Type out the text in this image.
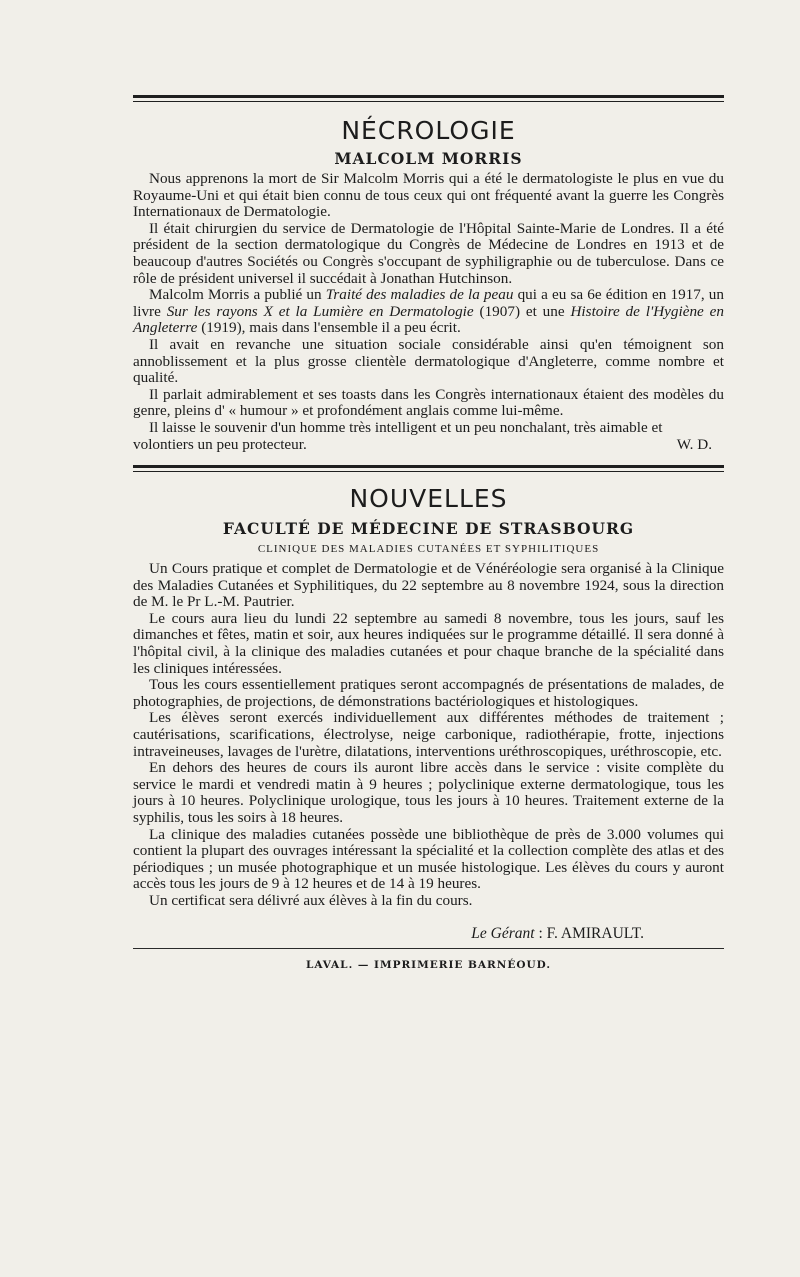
NÉCROLOGIE
MALCOLM MORRIS

Nous apprenons la mort de Sir Malcolm Morris qui a été le dermatologiste le plus en vue du Royaume-Uni et qui était bien connu de tous ceux qui ont fréquenté avant la guerre les Congrès Internationaux de Dermatologie.

Il était chirurgien du service de Dermatologie de l'Hôpital Sainte-Marie de Londres. Il a été président de la section dermatologique du Congrès de Médecine de Londres en 1913 et de beaucoup d'autres Sociétés ou Congrès s'occupant de syphiligraphie ou de tuberculose. Dans ce rôle de président universel il succédait à Jonathan Hutchinson.

Malcolm Morris a publié un Traité des maladies de la peau qui a eu sa 6e édition en 1917, un livre Sur les rayons X et la Lumière en Dermatologie (1907) et une Histoire de l'Hygiène en Angleterre (1919), mais dans l'ensemble il a peu écrit.

Il avait en revanche une situation sociale considérable ainsi qu'en témoignent son annoblissement et la plus grosse clientèle dermatologique d'Angleterre, comme nombre et qualité.

Il parlait admirablement et ses toasts dans les Congrès internationaux étaient des modèles du genre, pleins d' « humour » et profondément anglais comme lui-même.

Il laisse le souvenir d'un homme très intelligent et un peu nonchalant, très aimable et volontiers un peu protecteur.	W. D.

NOUVELLES
FACULTÉ DE MÉDECINE DE STRASBOURG
CLINIQUE DES MALADIES CUTANÉES ET SYPHILITIQUES

Un Cours pratique et complet de Dermatologie et de Vénéréologie sera organisé à la Clinique des Maladies Cutanées et Syphilitiques, du 22 septembre au 8 novembre 1924, sous la direction de M. le Pr L.-M. Pautrier.

Le cours aura lieu du lundi 22 septembre au samedi 8 novembre, tous les jours, sauf les dimanches et fêtes, matin et soir, aux heures indiquées sur le programme détaillé. Il sera donné à l'hôpital civil, à la clinique des maladies cutanées et pour chaque branche de la spécialité dans les cliniques intéressées.

Tous les cours essentiellement pratiques seront accompagnés de présentations de malades, de photographies, de projections, de démonstrations bactériologiques et histologiques.

Les élèves seront exercés individuellement aux différentes méthodes de traitement ; cautérisations, scarifications, électrolyse, neige carbonique, radiothérapie, frotte, injections intraveineuses, lavages de l'urètre, dilatations, interventions uréthroscopiques, uréthroscopie, etc.

En dehors des heures de cours ils auront libre accès dans le service : visite complète du service le mardi et vendredi matin à 9 heures ; polyclinique externe dermatologique, tous les jours à 10 heures. Polyclinique urologique, tous les jours à 10 heures. Traitement externe de la syphilis, tous les soirs à 18 heures.

La clinique des maladies cutanées possède une bibliothèque de près de 3.000 volumes qui contient la plupart des ouvrages intéressant la spécialité et la collection complète des atlas et des périodiques ; un musée photographique et un musée histologique. Les élèves du cours y auront accès tous les jours de 9 à 12 heures et de 14 à 19 heures.

Un certificat sera délivré aux élèves à la fin du cours.

Le Gérant : F. AMIRAULT.
LAVAL. — IMPRIMERIE BARNÉOUD.
